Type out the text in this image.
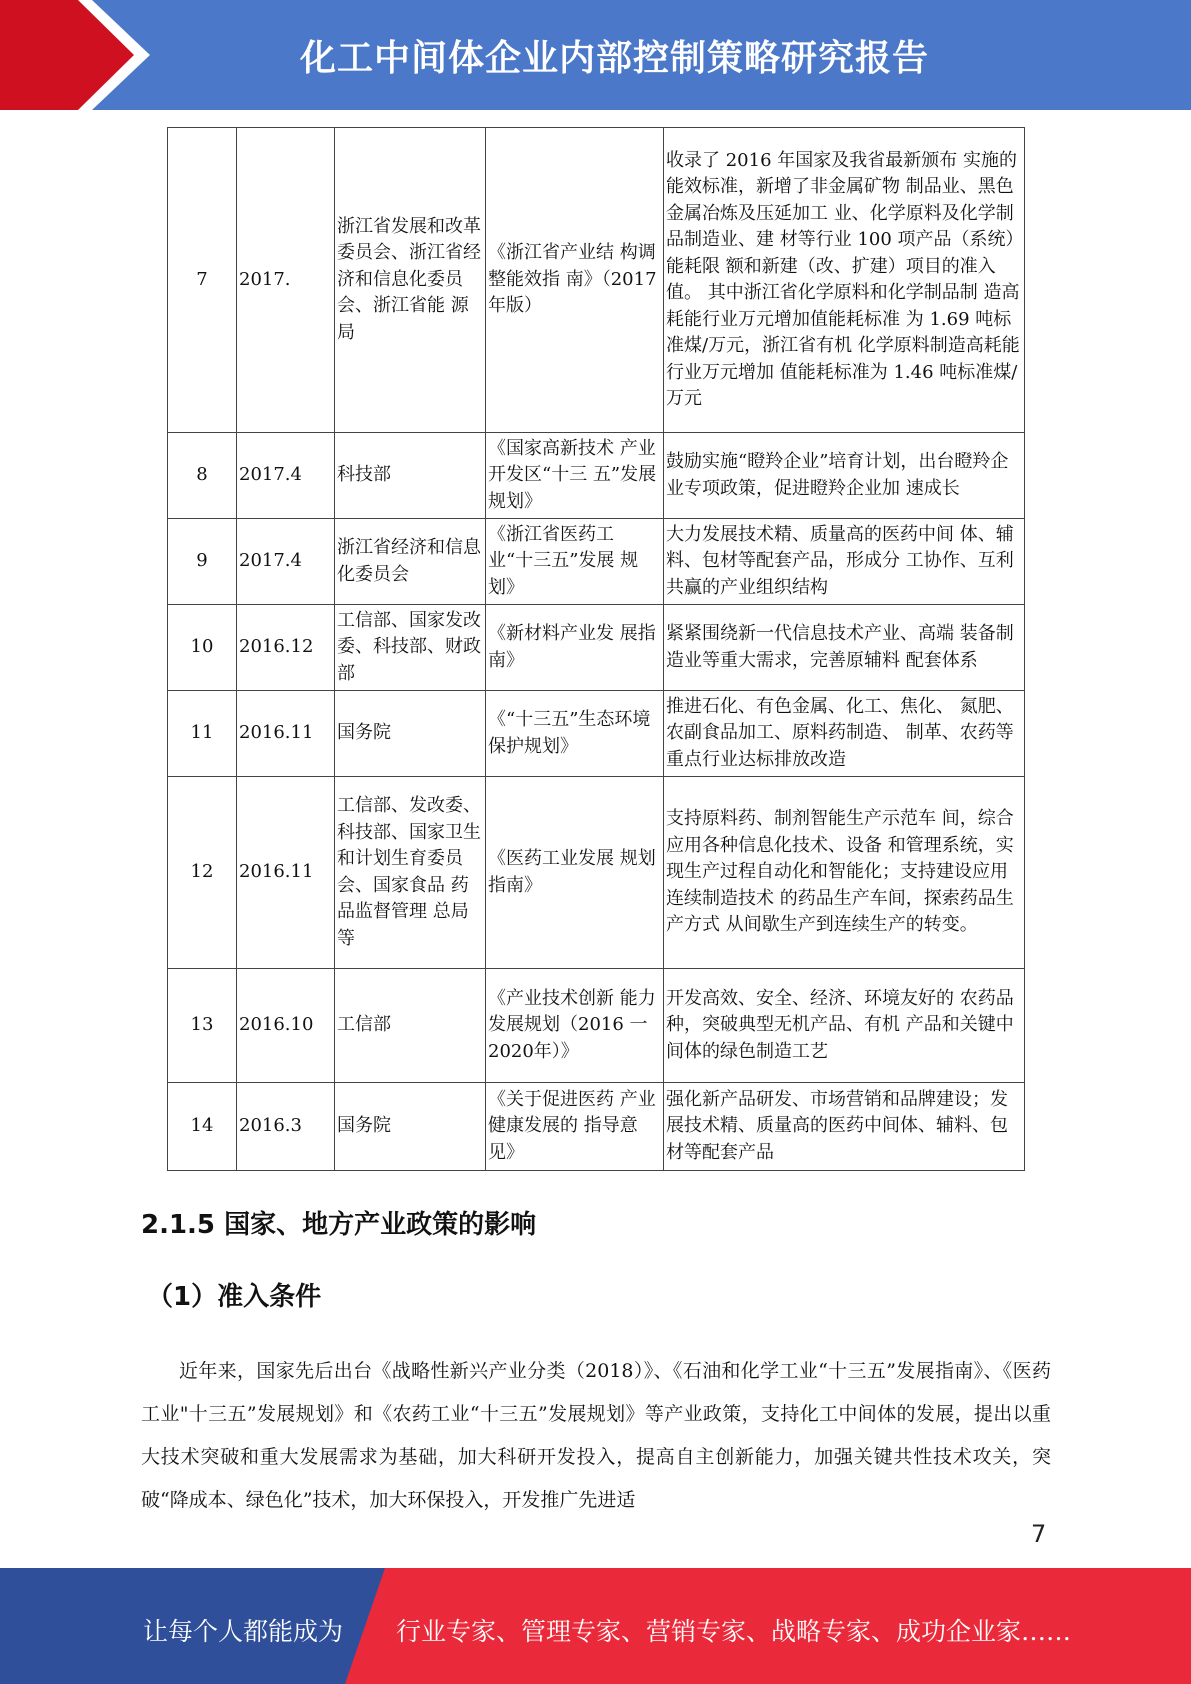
化工中间体企业内部控制策略研究报告
7	2017.	浙江省发展和改革委员会、浙江省经济和信息化委员 会、浙江省能 源局	《浙江省产业结 构调整能效指 南》（2017 年版）	收录了 2016 年国家及我省最新颁布 实施的能效标准，新增了非金属矿物 制品业、黑色金属冶炼及压延加工 业、化学原料及化学制品制造业、建 材等行业 100 项产品（系统）能耗限 额和新建（改、扩建）项目的准入值。 其中浙江省化学原料和化学制品制 造高耗能行业万元增加值能耗标准 为 1.69 吨标准煤/万元，浙江省有机 化学原料制造高耗能行业万元增加 值能耗标准为 1.46 吨标准煤/万元
8	2017.4	科技部	《国家高新技术 产业开发区“十三 五”发展规划》	鼓励实施“瞪羚企业”培育计划，出台瞪羚企业专项政策，促进瞪羚企业加 速成长
9	2017.4	浙江省经济和信息化委员会	《浙江省医药工 业“十三五”发展 规划》	大力发展技术精、质量高的医药中间 体、辅料、包材等配套产品，形成分 工协作、互利共赢的产业组织结构
10	2016.12	工信部、国家发改委、科技部、财政部	《新材料产业发 展指南》	紧紧围绕新一代信息技术产业、高端 装备制造业等重大需求，完善原辅料 配套体系
11	2016.11	国务院	《“十三五”生态环境保护规划》	推进石化、有色金属、化工、焦化、 氮肥、农副食品加工、原料药制造、 制革、农药等重点行业达标排放改造
12	2016.11	工信部、发改委、科技部、国家卫生和计划生育委员 会、国家食品 药品监督管理 总局等	《医药工业发展 规划指南》	支持原料药、制剂智能生产示范车 间，综合应用各种信息化技术、设备 和管理系统，实现生产过程自动化和智能化；支持建设应用连续制造技术 的药品生产车间，探索药品生产方式 从间歇生产到连续生产的转变。
13	2016.10	工信部	《产业技术创新 能力发展规划（2016 一 2020年）》	开发高效、安全、经济、环境友好的 农药品种，突破典型无机产品、有机 产品和关键中间体的绿色制造工艺
14	2016.3	国务院	《关于促进医药 产业健康发展的 指导意见》	强化新产品研发、市场营销和品牌建设；发展技术精、质量高的医药中间体、辅料、包材等配套产品
2.1.5 国家、地方产业政策的影响
（1）准入条件
近年来，国家先后出台《战略性新兴产业分类（2018）》、《石油和化学工业“十三五”发展指南》、《医药工业"十三五”发展规划》和《农药工业“十三五”发展规划》等产业政策，支持化工中间体的发展，提出以重大技术突破和重大发展需求为基础，加大科研开发投入，提高自主创新能力，加强关键共性技术攻关，突破“降成本、绿色化”技术，加大环保投入，开发推广先进适
7
让每个人都能成为 行业专家、管理专家、营销专家、战略专家、成功企业家……
